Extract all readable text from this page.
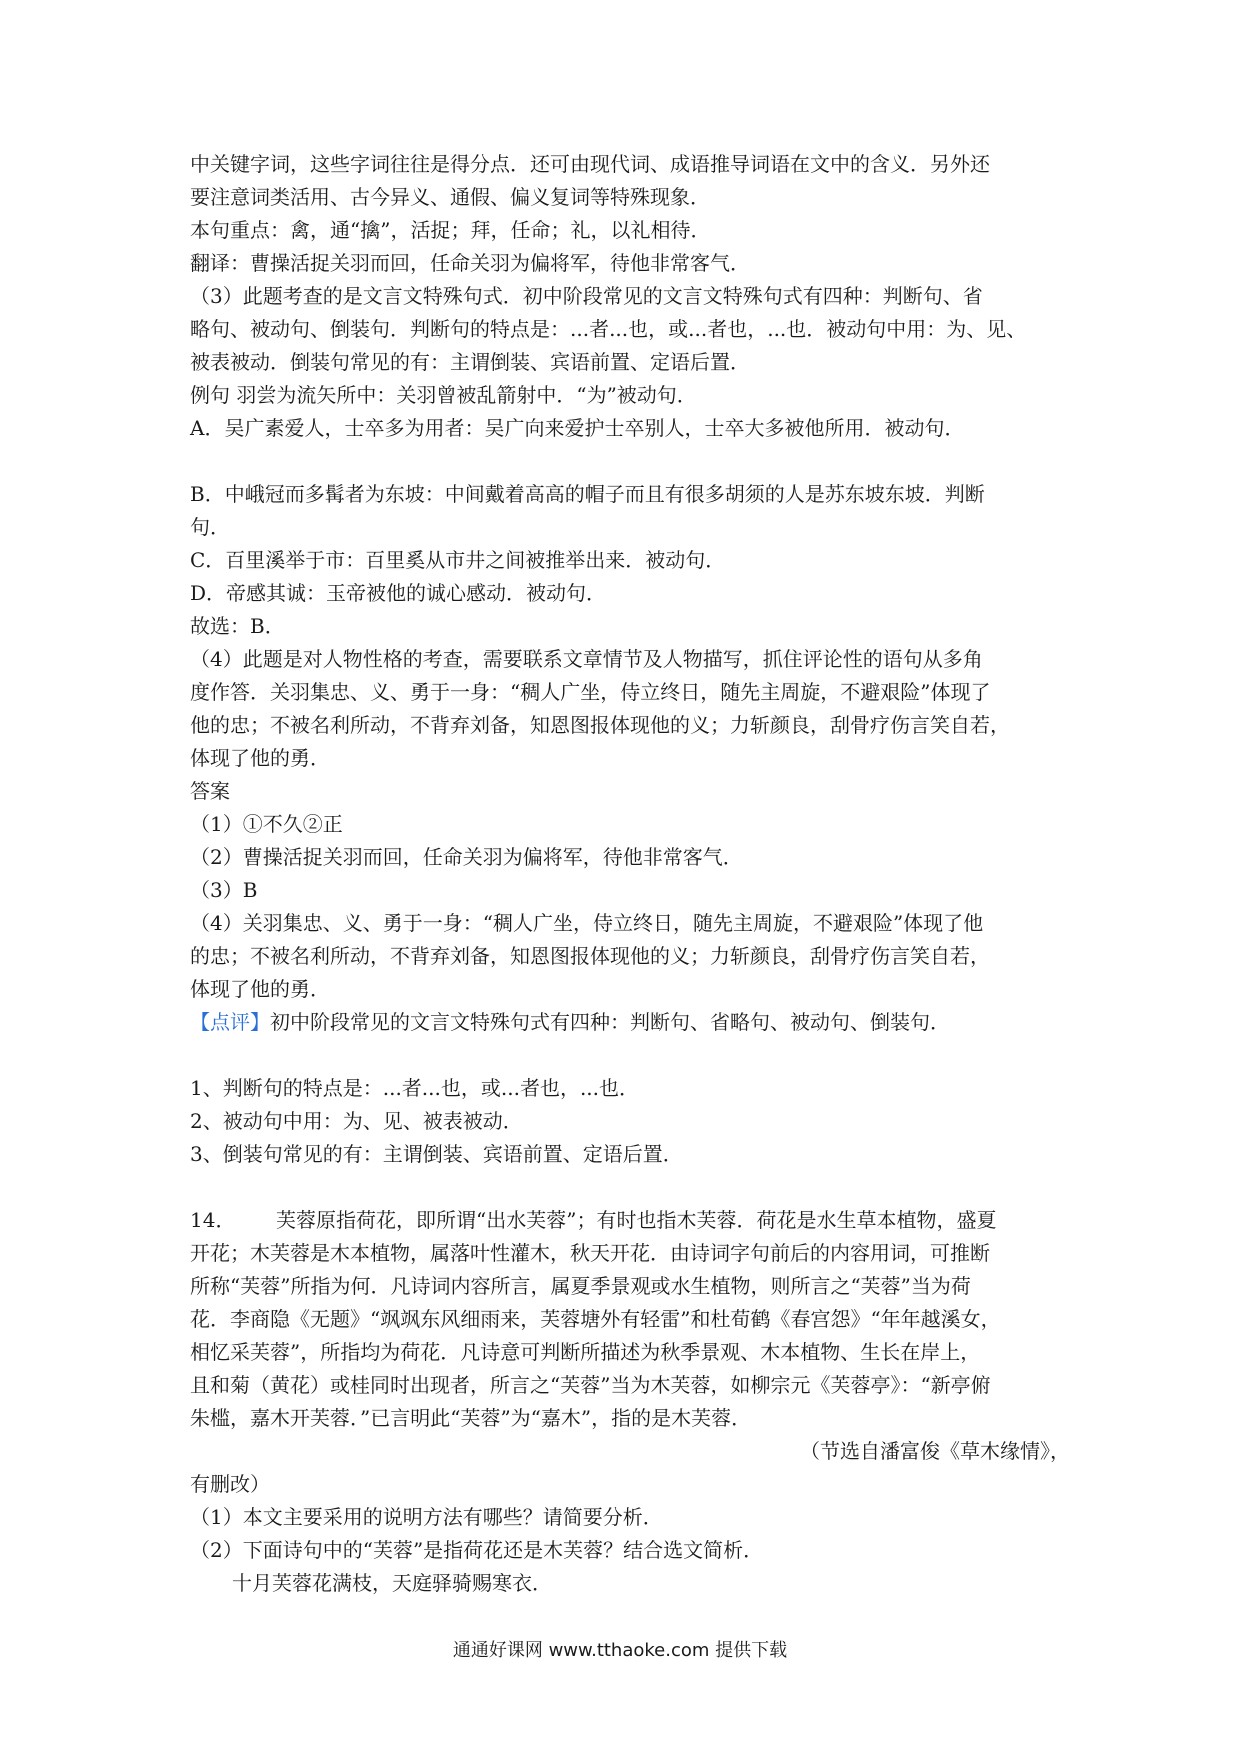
中关键字词，这些字词往往是得分点．还可由现代词、成语推导词语在文中的含义．另外还
要注意词类活用、古今异义、通假、偏义复词等特殊现象．
本句重点：禽，通“擒”，活捉；拜，任命；礼，以礼相待．
翻译：曹操活捉关羽而回，任命关羽为偏将军，待他非常客气．
（3）此题考查的是文言文特殊句式．初中阶段常见的文言文特殊句式有四种：判断句、省
略句、被动句、倒装句．判断句的特点是：...者...也，或...者也，...也．被动句中用：为、见、
被表被动．倒装句常见的有：主谓倒装、宾语前置、定语后置．
例句 羽尝为流矢所中：关羽曾被乱箭射中．“为”被动句．
A．吴广素爱人，士卒多为用者：吴广向来爱护士卒别人，士卒大多被他所用．被动句．
B．中峨冠而多髯者为东坡：中间戴着高高的帽子而且有很多胡须的人是苏东坡东坡．判断
句．
C．百里溪举于市：百里奚从市井之间被推举出来．被动句．
D．帝感其诚：玉帝被他的诚心感动．被动句．
故选：B．
（4）此题是对人物性格的考查，需要联系文章情节及人物描写，抓住评论性的语句从多角
度作答．关羽集忠、义、勇于一身：“稠人广坐，侍立终日，随先主周旋，不避艰险”体现了
他的忠；不被名利所动，不背弃刘备，知恩图报体现他的义；力斩颜良，刮骨疗伤言笑自若，
体现了他的勇．
答案
（1）①不久②正
（2）曹操活捉关羽而回，任命关羽为偏将军，待他非常客气．
（3）B
（4）关羽集忠、义、勇于一身：“稠人广坐，侍立终日，随先主周旋，不避艰险”体现了他
的忠；不被名利所动，不背弃刘备，知恩图报体现他的义；力斩颜良，刮骨疗伤言笑自若，
体现了他的勇．
【点评】初中阶段常见的文言文特殊句式有四种：判断句、省略句、被动句、倒装句．
1、判断句的特点是：...者...也，或...者也，...也．
2、被动句中用：为、见、被表被动．
3、倒装句常见的有：主谓倒装、宾语前置、定语后置．
14． 芙蓉原指荷花，即所谓“出水芙蓉”；有时也指木芙蓉．荷花是水生草本植物，盛夏
开花；木芙蓉是木本植物，属落叶性灌木，秋天开花．由诗词字句前后的内容用词，可推断
所称“芙蓉”所指为何．凡诗词内容所言，属夏季景观或水生植物，则所言之“芙蓉”当为荷
花．李商隐《无题》“飒飒东风细雨来，芙蓉塘外有轻雷”和杜荀鹤《春宫怨》“年年越溪女，
相忆采芙蓉”，所指均为荷花．凡诗意可判断所描述为秋季景观、木本植物、生长在岸上，
且和菊（黄花）或桂同时出现者，所言之“芙蓉”当为木芙蓉，如柳宗元《芙蓉亭》：“新亭俯
朱槛，嘉木开芙蓉．”已言明此“芙蓉”为“嘉木”，指的是木芙蓉．
（节选自潘富俊《草木缘情》，
有删改）
（1）本文主要采用的说明方法有哪些？请简要分析．
（2）下面诗句中的“芙蓉”是指荷花还是木芙蓉？结合选文简析．
十月芙蓉花满枝，天庭驿骑赐寒衣．
通通好课网 www.tthaoke.com 提供下载
